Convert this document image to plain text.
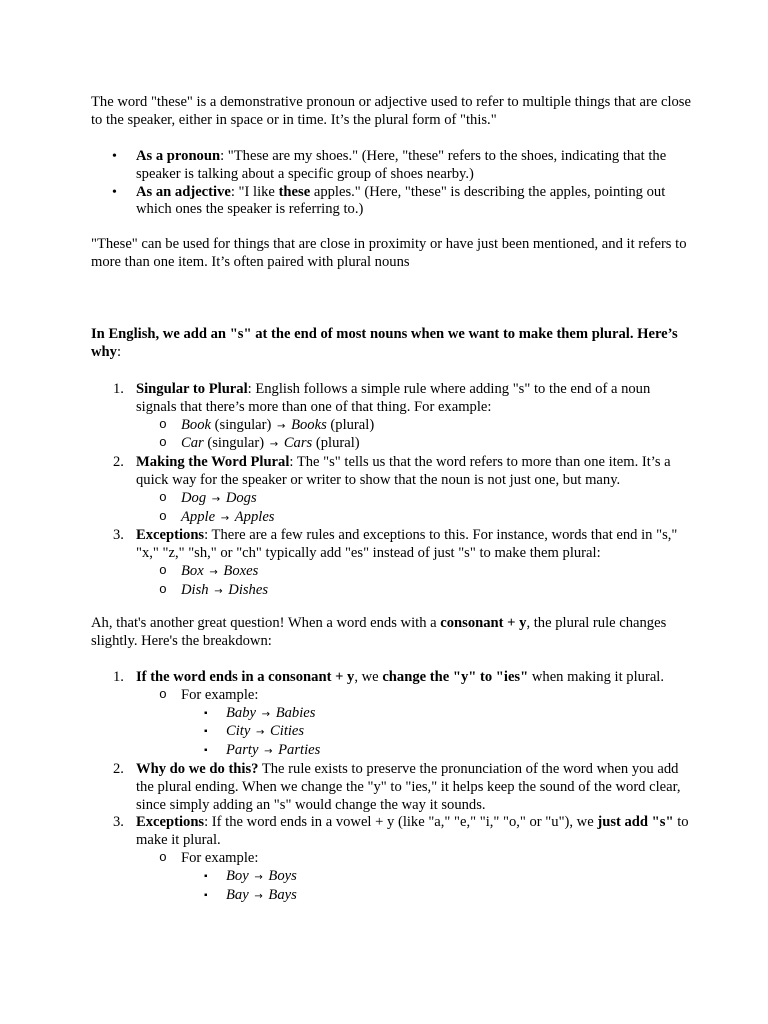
The word "these" is a demonstrative pronoun or adjective used to refer to multiple things that are close to the speaker, either in space or in time. It’s the plural form of "this."

• As a pronoun: "These are my shoes." (Here, "these" refers to the shoes, indicating that the speaker is talking about a specific group of shoes nearby.)
• As an adjective: "I like these apples." (Here, "these" is describing the apples, pointing out which ones the speaker is referring to.)

"These" can be used for things that are close in proximity or have just been mentioned, and it refers to more than one item. It’s often paired with plural nouns

In English, we add an "s" at the end of most nouns when we want to make them plural. Here’s why:

1. Singular to Plural: English follows a simple rule where adding "s" to the end of a noun signals that there’s more than one of that thing. For example:
o Book (singular) → Books (plural)
o Car (singular) → Cars (plural)
2. Making the Word Plural: The "s" tells us that the word refers to more than one item. It’s a quick way for the speaker or writer to show that the noun is not just one, but many.
o Dog → Dogs
o Apple → Apples
3. Exceptions: There are a few rules and exceptions to this. For instance, words that end in "s," "x," "z," "sh," or "ch" typically add "es" instead of just "s" to make them plural:
o Box → Boxes
o Dish → Dishes

Ah, that's another great question! When a word ends with a consonant + y, the plural rule changes slightly. Here's the breakdown:

1. If the word ends in a consonant + y, we change the "y" to "ies" when making it plural.
o For example:
▪ Baby → Babies
▪ City → Cities
▪ Party → Parties
2. Why do we do this? The rule exists to preserve the pronunciation of the word when you add the plural ending. When we change the "y" to "ies," it helps keep the sound of the word clear, since simply adding an "s" would change the way it sounds.
3. Exceptions: If the word ends in a vowel + y (like "a," "e," "i," "o," or "u"), we just add "s" to make it plural.
o For example:
▪ Boy → Boys
▪ Bay → Bays
